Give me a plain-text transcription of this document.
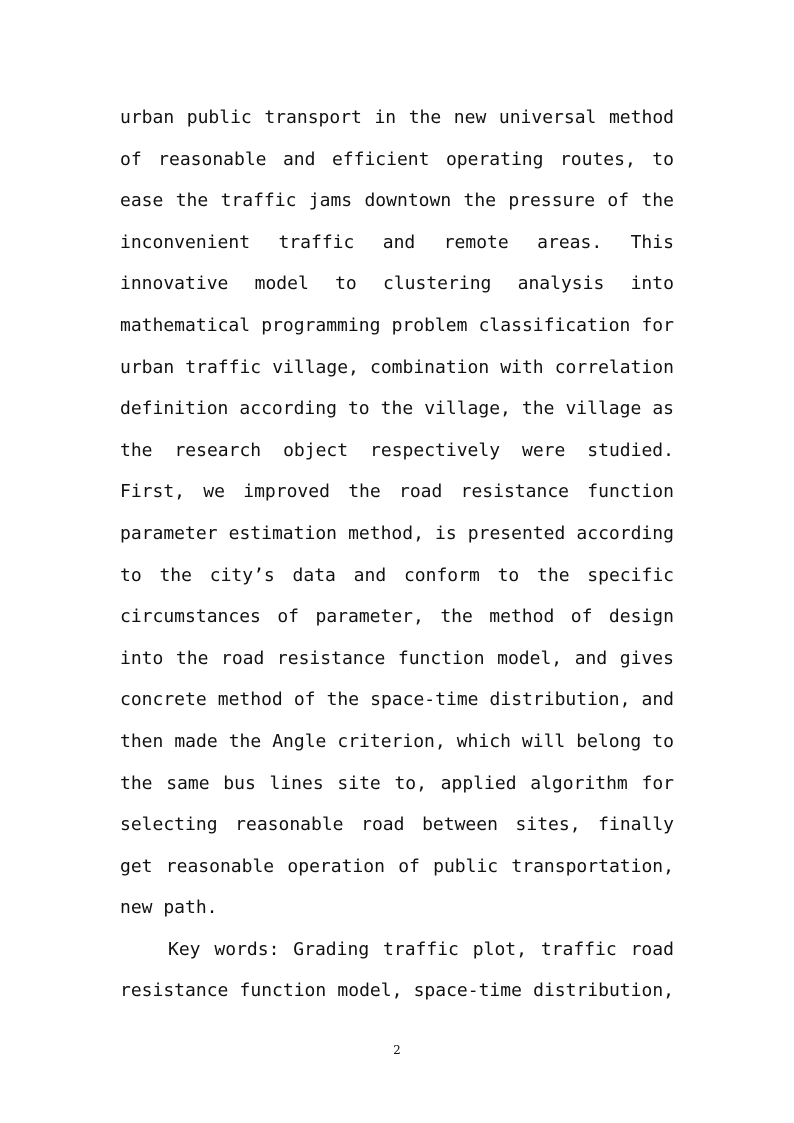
urban public transport in the new universal method
of reasonable and efficient operating routes, to
ease the traffic jams downtown the pressure of the
inconvenient traffic and remote areas. This
innovative model to clustering analysis into
mathematical programming problem classification for
urban traffic village, combination with correlation
definition according to the village, the village as
the research object respectively were studied.
First, we improved the road resistance function
parameter estimation method, is presented according
to the city’s data and conform to the specific
circumstances of parameter, the method of design
into the road resistance function model, and gives
concrete method of the space-time distribution, and
then made the Angle criterion, which will belong to
the same bus lines site to, applied algorithm for
selecting reasonable road between sites, finally
get reasonable operation of public transportation,
new path.
Key words: Grading traffic plot, traffic road
resistance function model, space-time distribution,
2
